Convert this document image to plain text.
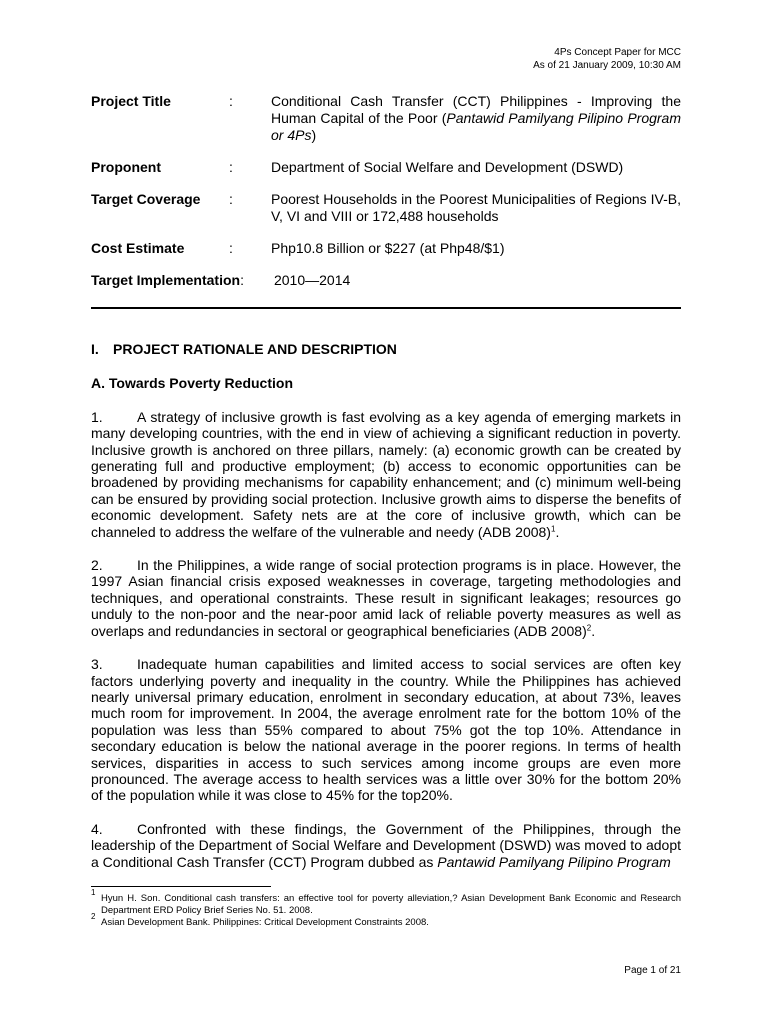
4Ps Concept Paper for MCC
As of 21 January 2009, 10:30 AM
Project Title	:	Conditional Cash Transfer (CCT) Philippines - Improving the Human Capital of the Poor (Pantawid Pamilyang Pilipino Program or 4Ps)
Proponent	:	Department of Social Welfare and Development (DSWD)
Target Coverage	:	Poorest Households in the Poorest Municipalities of Regions IV-B, V, VI and VIII or 172,488 households
Cost Estimate	:	Php10.8 Billion or $227 (at Php48/$1)
Target Implementation: 2010—2014
I. PROJECT RATIONALE AND DESCRIPTION
A. Towards Poverty Reduction

1. A strategy of inclusive growth is fast evolving as a key agenda of emerging markets in many developing countries, with the end in view of achieving a significant reduction in poverty. Inclusive growth is anchored on three pillars, namely: (a) economic growth can be created by generating full and productive employment; (b) access to economic opportunities can be broadened by providing mechanisms for capability enhancement; and (c) minimum well-being can be ensured by providing social protection. Inclusive growth aims to disperse the benefits of economic development. Safety nets are at the core of inclusive growth, which can be channeled to address the welfare of the vulnerable and needy (ADB 2008)$^1$.

2. In the Philippines, a wide range of social protection programs is in place. However, the 1997 Asian financial crisis exposed weaknesses in coverage, targeting methodologies and techniques, and operational constraints. These result in significant leakages; resources go unduly to the non-poor and the near-poor amid lack of reliable poverty measures as well as overlaps and redundancies in sectoral or geographical beneficiaries (ADB 2008)$^2$.

3. Inadequate human capabilities and limited access to social services are often key factors underlying poverty and inequality in the country. While the Philippines has achieved nearly universal primary education, enrolment in secondary education, at about 73%, leaves much room for improvement. In 2004, the average enrolment rate for the bottom 10% of the population was less than 55% compared to about 75% got the top 10%. Attendance in secondary education is below the national average in the poorer regions. In terms of health services, disparities in access to such services among income groups are even more pronounced. The average access to health services was a little over 30% for the bottom 20% of the population while it was close to 45% for the top20%.

4. Confronted with these findings, the Government of the Philippines, through the leadership of the Department of Social Welfare and Development (DSWD) was moved to adopt a Conditional Cash Transfer (CCT) Program dubbed as Pantawid Pamilyang Pilipino Program

1
Hyun H. Son. Conditional cash transfers: an effective tool for poverty alleviation,? Asian Development Bank Economic and Research Department ERD Policy Brief Series No. 51. 2008.
2
Asian Development Bank. Philippines: Critical Development Constraints 2008.
Page 1 of 21
